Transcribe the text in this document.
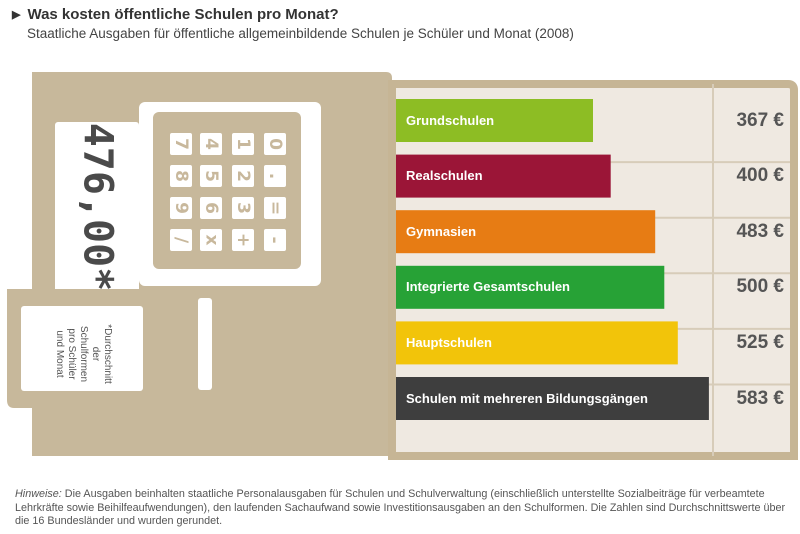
▶ Was kosten öffentliche Schulen pro Monat?
Staatliche Ausgaben für öffentliche allgemeinbildende Schulen je Schüler und Monat (2008)
476,00*	7
8
9
/
4
5
6
x
1
2
3
+
0
.
=
-
*Durchschnitt
der
Schulformen
pro Schüler
und Monat
Grundschulen
Realschulen
Gymnasien
Integrierte Gesamtschulen
Hauptschulen
Schulen mit mehreren Bildungsgängen
367 €
400 €
483 €
500 €
525 €
583 €
Hinweise: Die Ausgaben beinhalten staatliche Personalausgaben für Schulen und Schulverwaltung (einschließlich unterstellte Sozialbeiträge für verbeamtete Lehrkräfte sowie Beihilfeaufwendungen), den laufenden Sachaufwand sowie Investitionsausgaben an den Schulformen. Die Zahlen sind Durchschnittswerte über die 16 Bundesländer und wurden gerundet.
